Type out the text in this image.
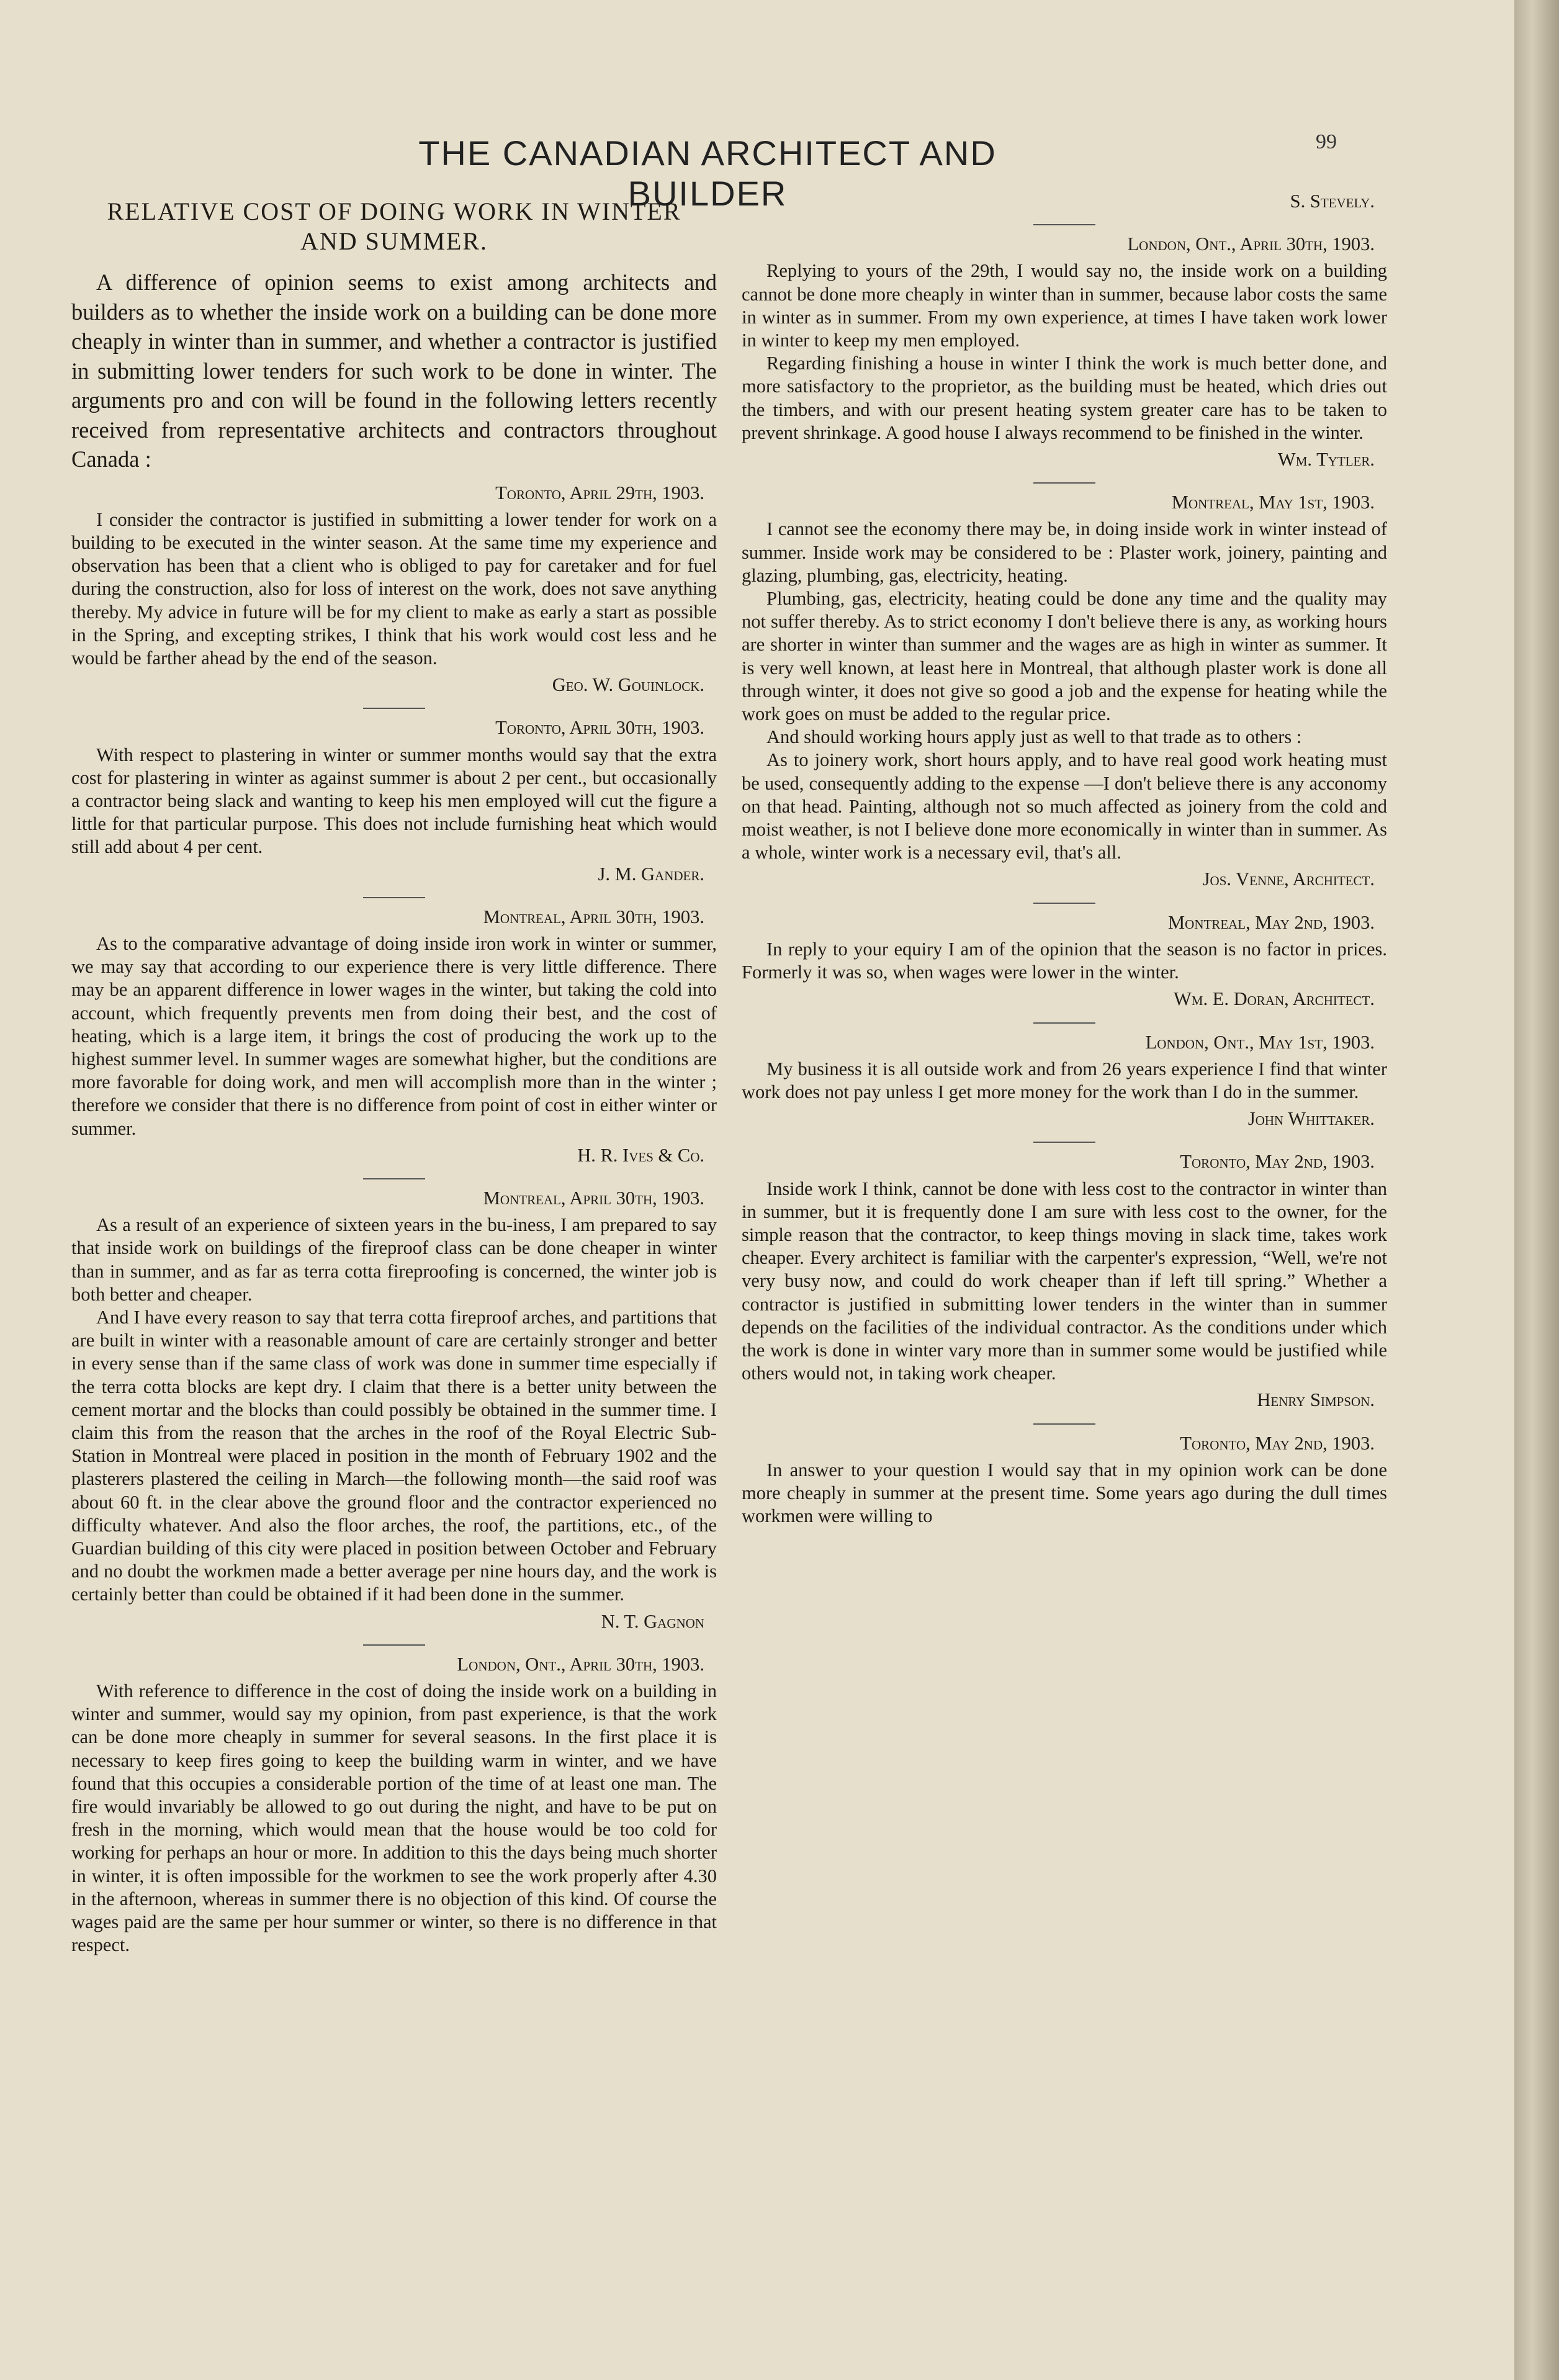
THE CANADIAN ARCHITECT AND BUILDER
99
RELATIVE COST OF DOING WORK IN WINTER AND SUMMER.

A difference of opinion seems to exist among architects and builders as to whether the inside work on a building can be done more cheaply in winter than in summer, and whether a contractor is justified in submitting lower tenders for such work to be done in winter. The arguments pro and con will be found in the following letters recently received from representative architects and contractors throughout Canada :

Toronto, April 29th, 1903.

I consider the contractor is justified in submitting a lower tender for work on a building to be executed in the winter season. At the same time my experience and observation has been that a client who is obliged to pay for caretaker and for fuel during the construction, also for loss of interest on the work, does not save anything thereby. My advice in future will be for my client to make as early a start as possible in the Spring, and excepting strikes, I think that his work would cost less and he would be farther ahead by the end of the season.

Geo. W. Gouinlock.
Toronto, April 30th, 1903.

With respect to plastering in winter or summer months would say that the extra cost for plastering in winter as against summer is about 2 per cent., but occasionally a contractor being slack and wanting to keep his men employed will cut the figure a little for that particular purpose. This does not include furnishing heat which would still add about 4 per cent.

J. M. Gander.
Montreal, April 30th, 1903.

As to the comparative advantage of doing inside iron work in winter or summer, we may say that according to our experience there is very little difference. There may be an apparent difference in lower wages in the winter, but taking the cold into account, which frequently prevents men from doing their best, and the cost of heating, which is a large item, it brings the cost of producing the work up to the highest summer level. In summer wages are somewhat higher, but the conditions are more favorable for doing work, and men will accomplish more than in the winter ; therefore we consider that there is no difference from point of cost in either winter or summer.

H. R. Ives & Co.
Montreal, April 30th, 1903.

As a result of an experience of sixteen years in the bu-iness, I am prepared to say that inside work on buildings of the fireproof class can be done cheaper in winter than in summer, and as far as terra cotta fireproofing is concerned, the winter job is both better and cheaper.

And I have every reason to say that terra cotta fireproof arches, and partitions that are built in winter with a reasonable amount of care are certainly stronger and better in every sense than if the same class of work was done in summer time especially if the terra cotta blocks are kept dry. I claim that there is a better unity between the cement mortar and the blocks than could possibly be obtained in the summer time. I claim this from the reason that the arches in the roof of the Royal Electric Sub-Station in Montreal were placed in position in the month of February 1902 and the plasterers plastered the ceiling in March—the following month—the said roof was about 60 ft. in the clear above the ground floor and the contractor experienced no difficulty whatever. And also the floor arches, the roof, the partitions, etc., of the Guardian building of this city were placed in position between October and February and no doubt the workmen made a better average per nine hours day, and the work is certainly better than could be obtained if it had been done in the summer.

N. T. Gagnon
London, Ont., April 30th, 1903.

With reference to difference in the cost of doing the inside work on a building in winter and summer, would say my opinion, from past experience, is that the work can be done more cheaply in summer for several seasons. In the first place it is necessary to keep fires going to keep the building warm in winter, and we have found that this occupies a considerable portion of the time of at least one man. The fire would invariably be allowed to go out during the night, and have to be put on fresh in the morning, which would mean that the house would be too cold for working for perhaps an hour or more. In addition to this the days being much shorter in winter, it is often impossible for the workmen to see the work properly after 4.30 in the afternoon, whereas in summer there is no objection of this kind. Of course the wages paid are the same per hour summer or winter, so there is no difference in that respect.

S. Stevely.
London, Ont., April 30th, 1903.

Replying to yours of the 29th, I would say no, the inside work on a building cannot be done more cheaply in winter than in summer, because labor costs the same in winter as in summer. From my own experience, at times I have taken work lower in winter to keep my men employed.

Regarding finishing a house in winter I think the work is much better done, and more satisfactory to the proprietor, as the building must be heated, which dries out the timbers, and with our present heating system greater care has to be taken to prevent shrinkage. A good house I always recommend to be finished in the winter.

Wm. Tytler.
Montreal, May 1st, 1903.

I cannot see the economy there may be, in doing inside work in winter instead of summer. Inside work may be considered to be : Plaster work, joinery, painting and glazing, plumbing, gas, electricity, heating.

Plumbing, gas, electricity, heating could be done any time and the quality may not suffer thereby. As to strict economy I don't believe there is any, as working hours are shorter in winter than summer and the wages are as high in winter as summer. It is very well known, at least here in Montreal, that although plaster work is done all through winter, it does not give so good a job and the expense for heating while the work goes on must be added to the regular price.

And should working hours apply just as well to that trade as to others :

As to joinery work, short hours apply, and to have real good work heating must be used, consequently adding to the expense —I don't believe there is any acconomy on that head. Painting, although not so much affected as joinery from the cold and moist weather, is not I believe done more economically in winter than in summer. As a whole, winter work is a necessary evil, that's all.

Jos. Venne, Architect.
Montreal, May 2nd, 1903.

In reply to your equiry I am of the opinion that the season is no factor in prices. Formerly it was so, when wages were lower in the winter.

Wm. E. Doran, Architect.
London, Ont., May 1st, 1903.

My business it is all outside work and from 26 years experience I find that winter work does not pay unless I get more money for the work than I do in the summer.

John Whittaker.
Toronto, May 2nd, 1903.

Inside work I think, cannot be done with less cost to the contractor in winter than in summer, but it is frequently done I am sure with less cost to the owner, for the simple reason that the contractor, to keep things moving in slack time, takes work cheaper. Every architect is familiar with the carpenter's expression, “Well, we're not very busy now, and could do work cheaper than if left till spring.” Whether a contractor is justified in submitting lower tenders in the winter than in summer depends on the facilities of the individual contractor. As the conditions under which the work is done in winter vary more than in summer some would be justified while others would not, in taking work cheaper.

Henry Simpson.
Toronto, May 2nd, 1903.

In answer to your question I would say that in my opinion work can be done more cheaply in summer at the present time. Some years ago during the dull times workmen were willing to
